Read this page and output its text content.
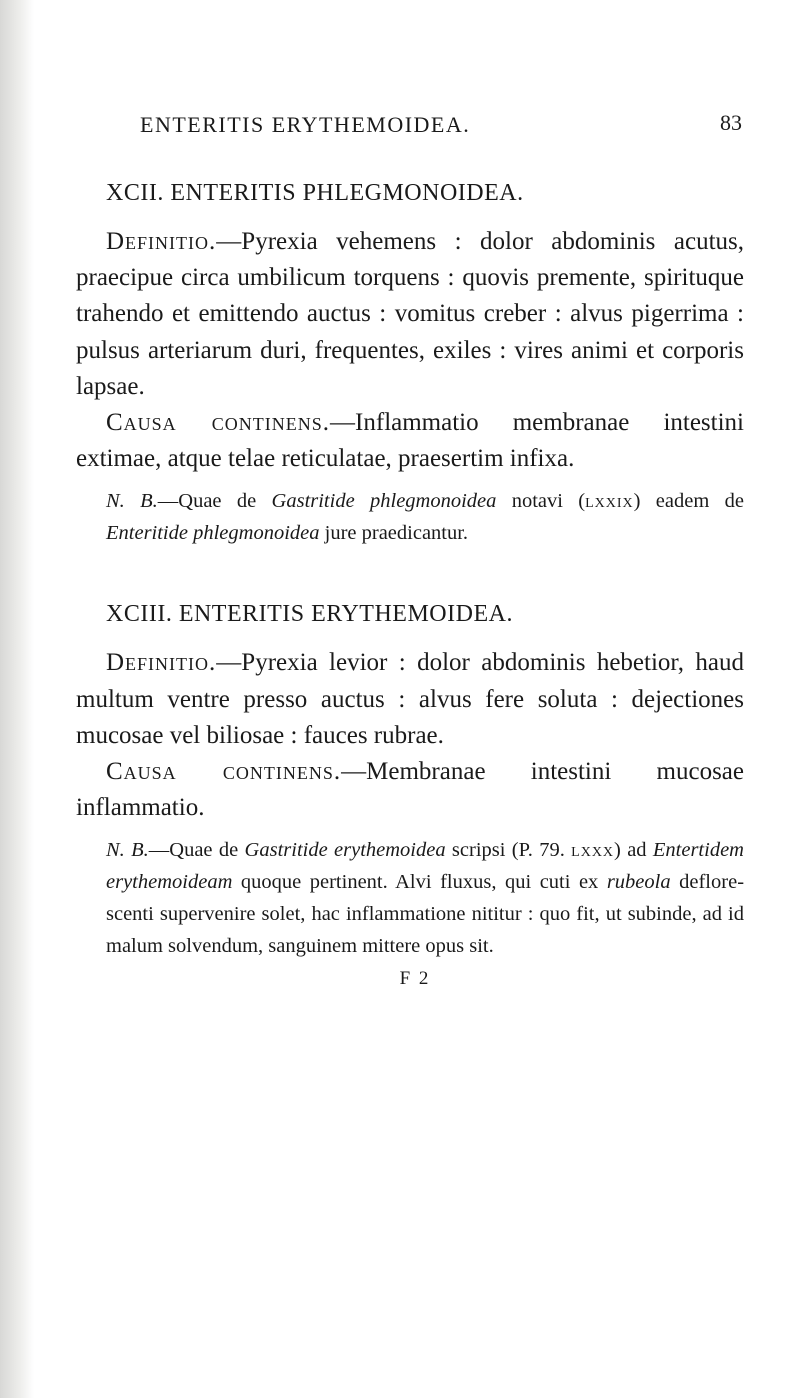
ENTERITIS ERYTHEMOIDEA.	83
XCII. ENTERITIS PHLEGMONOIDEA.

Definitio.—Pyrexia vehemens : dolor abdominis acutus, praecipue circa umbilicum torquens : quovis premente, spirituque trahendo et emittendo auctus : vomitus creber : alvus pigerrima : pulsus arteriarum duri, frequentes, exiles : vires animi et corporis lapsae.

Causa continens.—Inflammatio membranae intestini extimae, atque telae reticulatae, praesertim infixa.

N. B.—Quae de Gastritide phlegmonoidea notavi (lxxix) eadem de Enteritide phlegmonoidea jure praedicantur.

XCIII. ENTERITIS ERYTHEMOIDEA.

Definitio.—Pyrexia levior : dolor abdominis hebetior, haud multum ventre presso auctus : alvus fere soluta : dejectiones mucosae vel biliosae : fauces rubrae.

Causa continens.—Membranae intestini mucosae inflammatio.

N. B.—Quae de Gastritide erythemoidea scripsi (P. 79. lxxx) ad Entertidem erythemoideam quoque pertinent. Alvi fluxus, qui cuti ex rubeola deflorescenti supervenire solet, hac inflammatione nititur : quo fit, ut subinde, ad id malum solvendum, sanguinem mittere opus sit.

F 2
